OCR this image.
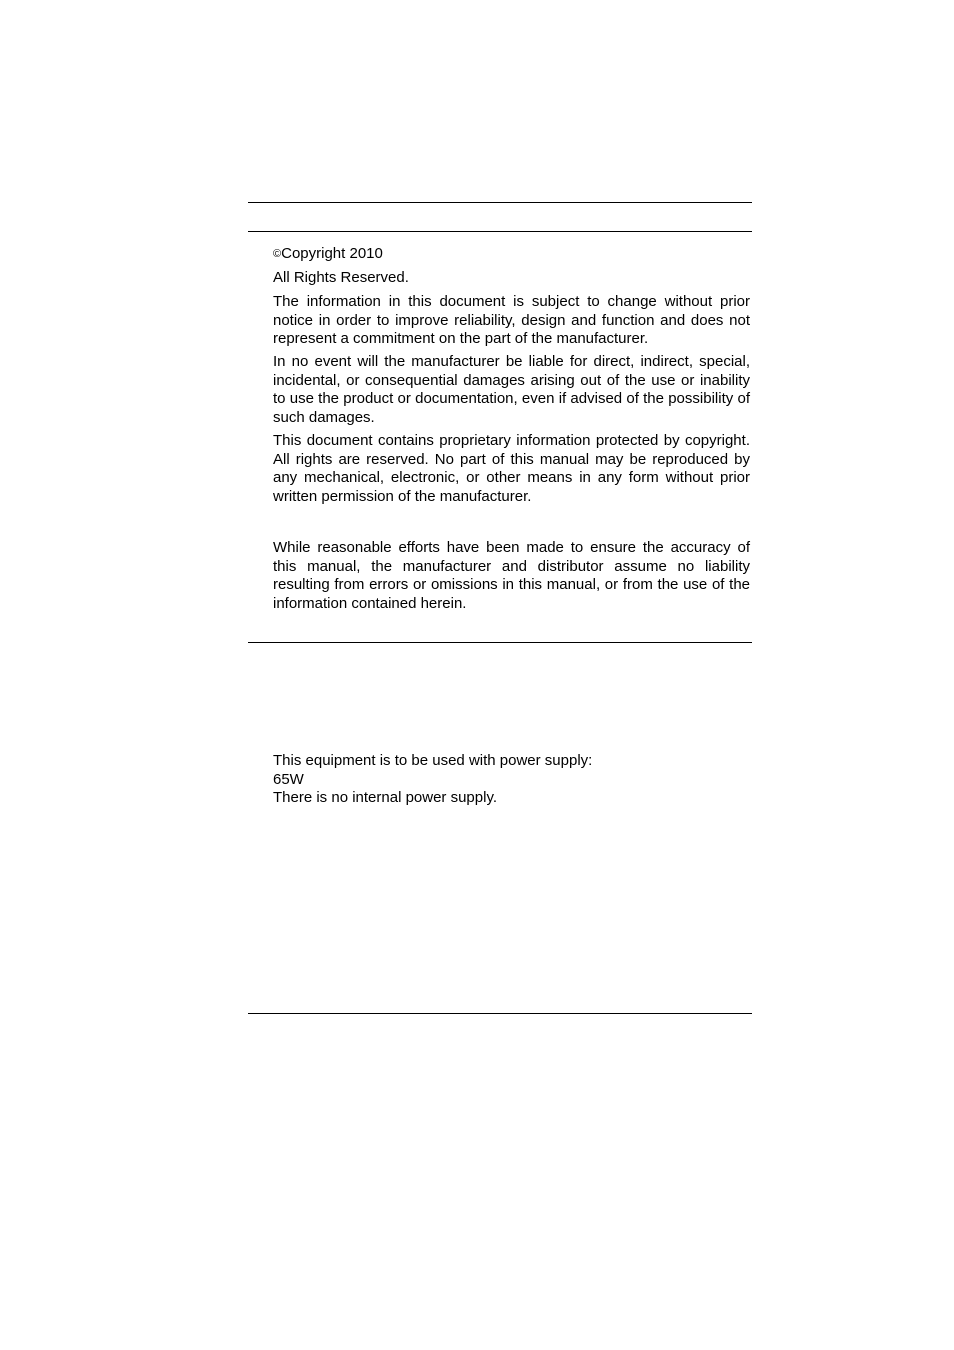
©Copyright 2010

All Rights Reserved.

The information in this document is subject to change without prior notice in order to improve reliability, design and function and does not represent a commitment on the part of the manufacturer.

In no event will the manufacturer be liable for direct, indirect, special, incidental, or consequential damages arising out of the use or inability to use the product or documentation, even if advised of the possibility of such damages.

This document contains proprietary information protected by copyright. All rights are reserved. No part of this manual may be reproduced by any mechanical, electronic, or other means in any form without prior written permission of the manufacturer.

While reasonable efforts have been made to ensure the accuracy of this manual, the manufacturer and distributor assume no liability resulting from errors or omissions in this manual, or from the use of the information contained herein.

This equipment is to be used with power supply:

65W

There is no internal power supply.
